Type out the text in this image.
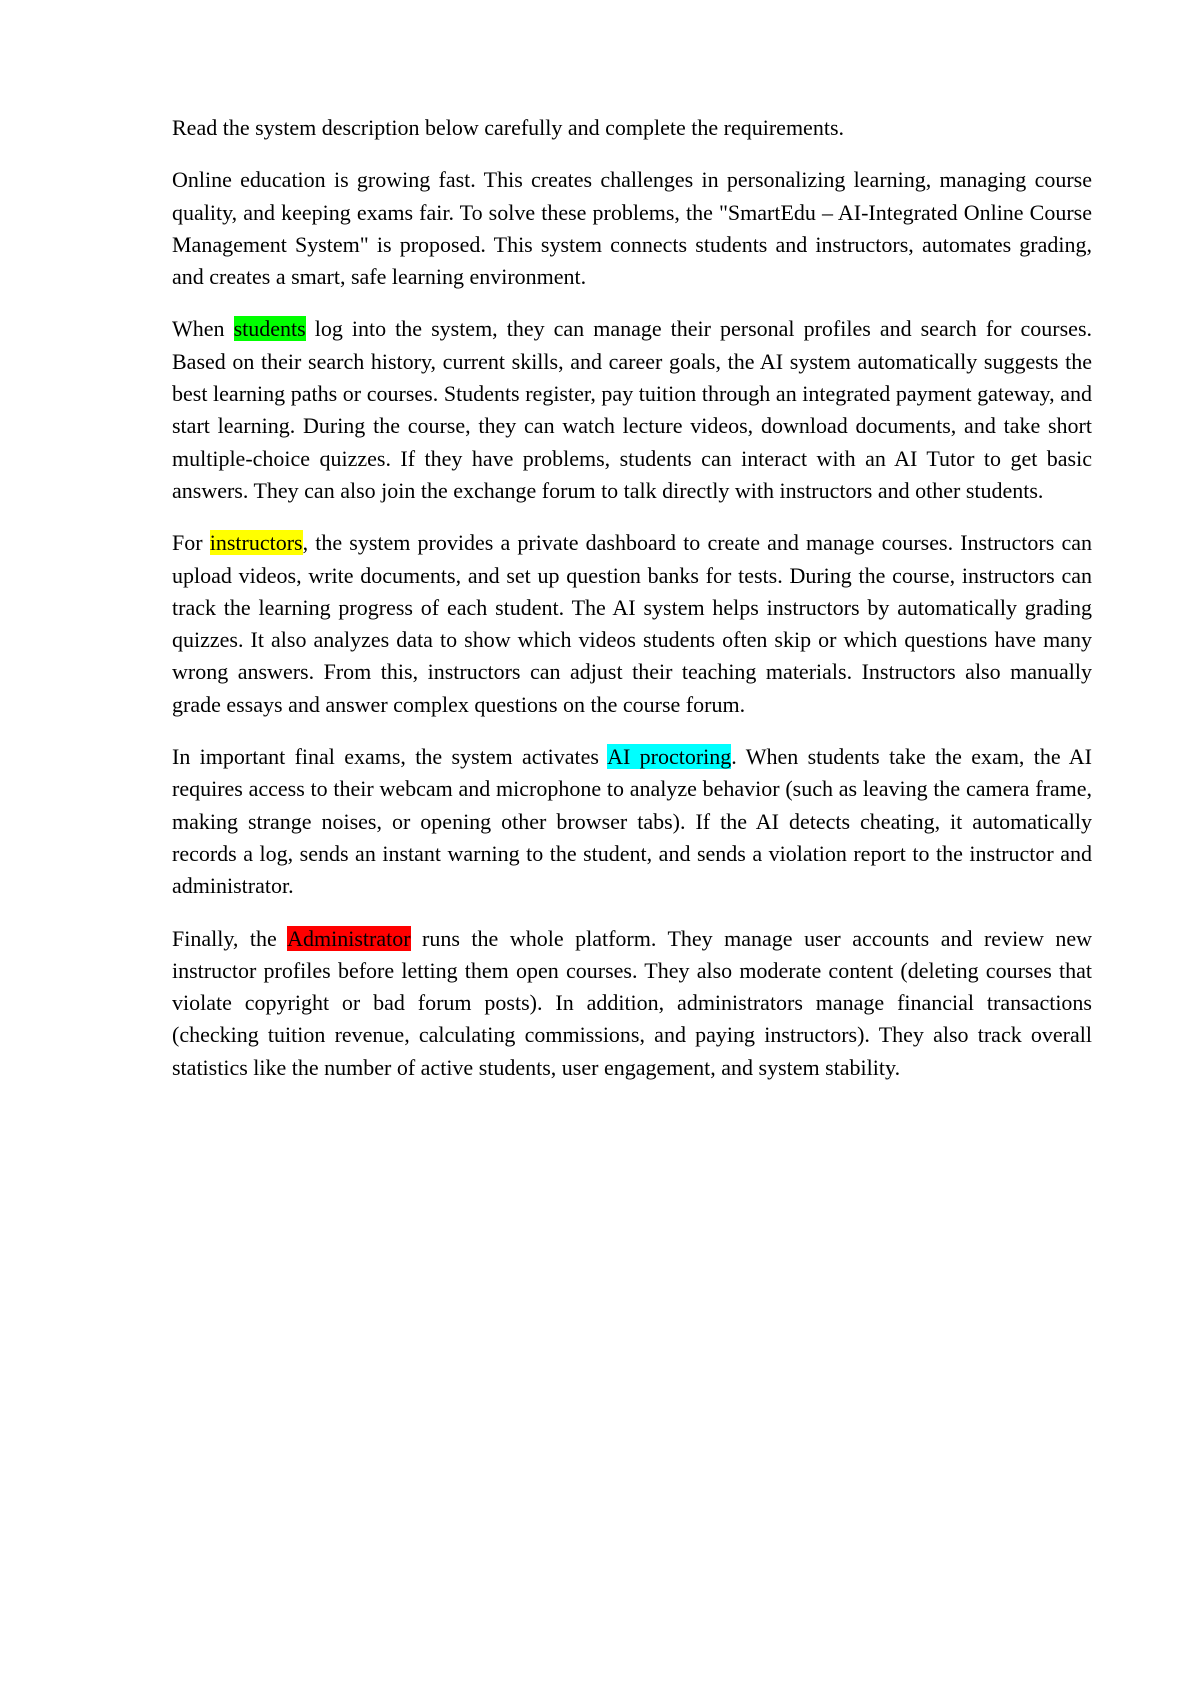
Read the system description below carefully and complete the requirements.

Online education is growing fast. This creates challenges in personalizing learning, managing course quality, and keeping exams fair. To solve these problems, the "SmartEdu – AI-Integrated Online Course Management System" is proposed. This system connects students and instructors, automates grading, and creates a smart, safe learning environment.

When students log into the system, they can manage their personal profiles and search for courses. Based on their search history, current skills, and career goals, the AI system automatically suggests the best learning paths or courses. Students register, pay tuition through an integrated payment gateway, and start learning. During the course, they can watch lecture videos, download documents, and take short multiple-choice quizzes. If they have problems, students can interact with an AI Tutor to get basic answers. They can also join the exchange forum to talk directly with instructors and other students.

For instructors, the system provides a private dashboard to create and manage courses. Instructors can upload videos, write documents, and set up question banks for tests. During the course, instructors can track the learning progress of each student. The AI system helps instructors by automatically grading quizzes. It also analyzes data to show which videos students often skip or which questions have many wrong answers. From this, instructors can adjust their teaching materials. Instructors also manually grade essays and answer complex questions on the course forum.

In important final exams, the system activates AI proctoring. When students take the exam, the AI requires access to their webcam and microphone to analyze behavior (such as leaving the camera frame, making strange noises, or opening other browser tabs). If the AI detects cheating, it automatically records a log, sends an instant warning to the student, and sends a violation report to the instructor and administrator.

Finally, the Administrator runs the whole platform. They manage user accounts and review new instructor profiles before letting them open courses. They also moderate content (deleting courses that violate copyright or bad forum posts). In addition, administrators manage financial transactions (checking tuition revenue, calculating commissions, and paying instructors). They also track overall statistics like the number of active students, user engagement, and system stability.
